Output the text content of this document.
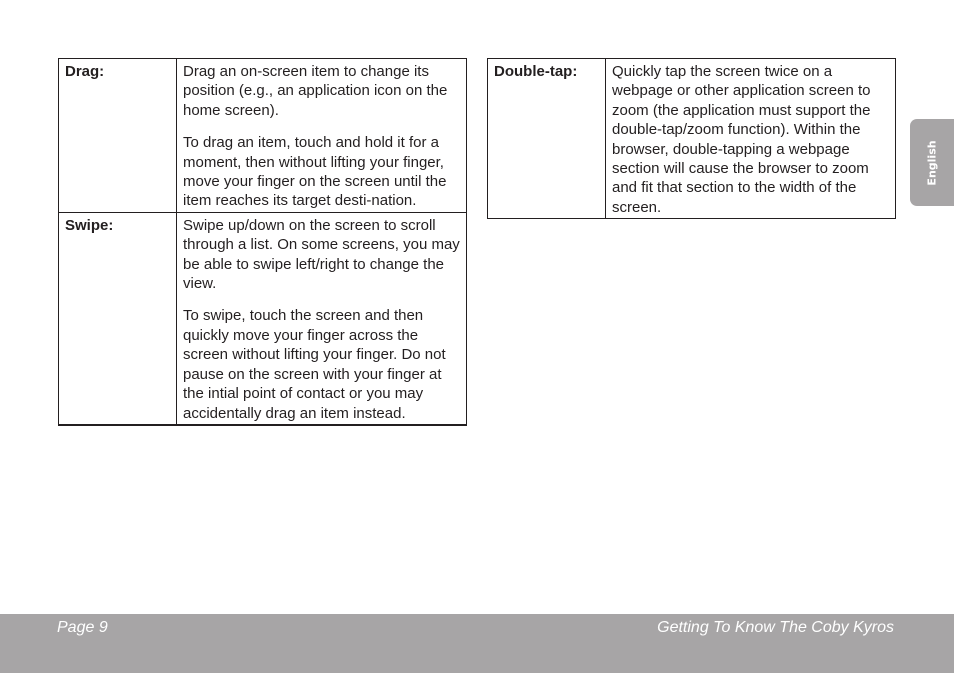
Drag:	Drag an on-screen item to change its position (e.g., an application icon on the home screen).

To drag an item, touch and hold it for a moment, then without lifting your finger, move your finger on the screen until the item reaches its target desti-nation.

Swipe:	Swipe up/down on the screen to scroll through a list. On some screens, you may be able to swipe left/right to change the view.

To swipe, touch the screen and then quickly move your finger across the screen without lifting your finger. Do not pause on the screen with your finger at the intial point of contact or you may accidentally drag an item instead.

Double-tap:	Quickly tap the screen twice on a webpage or other application screen to zoom (the application must support the double-tap/zoom function). Within the browser, double-tapping a webpage section will cause the browser to zoom and fit that section to the width of the screen.

English
Page 9	Getting To Know The Coby Kyros
